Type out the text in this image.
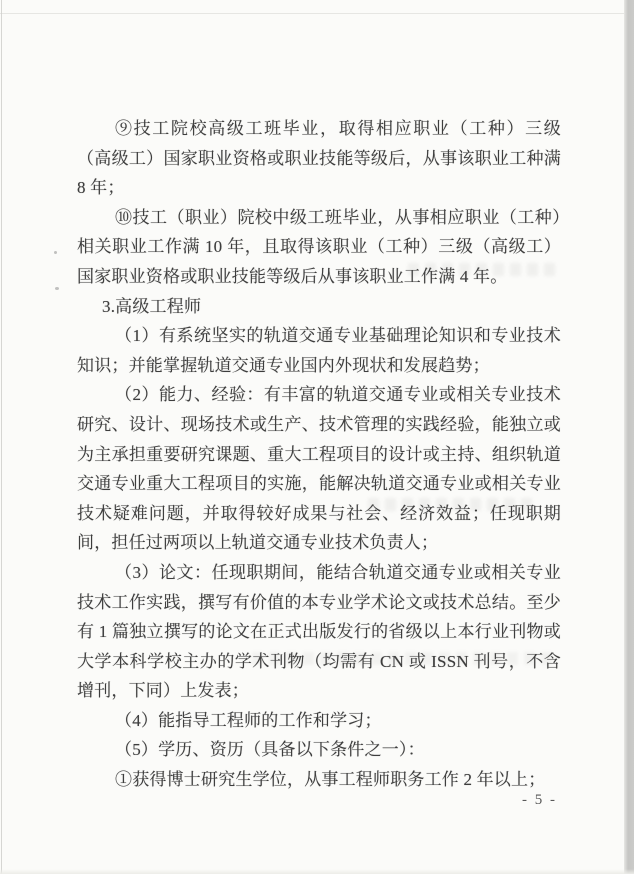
⑨技工院校高级工班毕业，取得相应职业（工种）三级（高级工）国家职业资格或职业技能等级后，从事该职业工种满 8 年；

⑩技工（职业）院校中级工班毕业，从事相应职业（工种）相关职业工作满 10 年，且取得该职业（工种）三级（高级工）国家职业资格或职业技能等级后从事该职业工作满 4 年。

3.高级工程师

（1）有系统坚实的轨道交通专业基础理论知识和专业技术知识；并能掌握轨道交通专业国内外现状和发展趋势；

（2）能力、经验：有丰富的轨道交通专业或相关专业技术研究、设计、现场技术或生产、技术管理的实践经验，能独立或为主承担重要研究课题、重大工程项目的设计或主持、组织轨道交通专业重大工程项目的实施，能解决轨道交通专业或相关专业技术疑难问题，并取得较好成果与社会、经济效益；任现职期间，担任过两项以上轨道交通专业技术负责人；

（3）论文：任现职期间，能结合轨道交通专业或相关专业技术工作实践，撰写有价值的本专业学术论文或技术总结。至少有 1 篇独立撰写的论文在正式出版发行的省级以上本行业刊物或大学本科学校主办的学术刊物（均需有 CN 或 ISSN 刊号，不含增刊，下同）上发表；

（4）能指导工程师的工作和学习；

（5）学历、资历（具备以下条件之一）：

①获得博士研究生学位，从事工程师职务工作 2 年以上；

- 5 -
